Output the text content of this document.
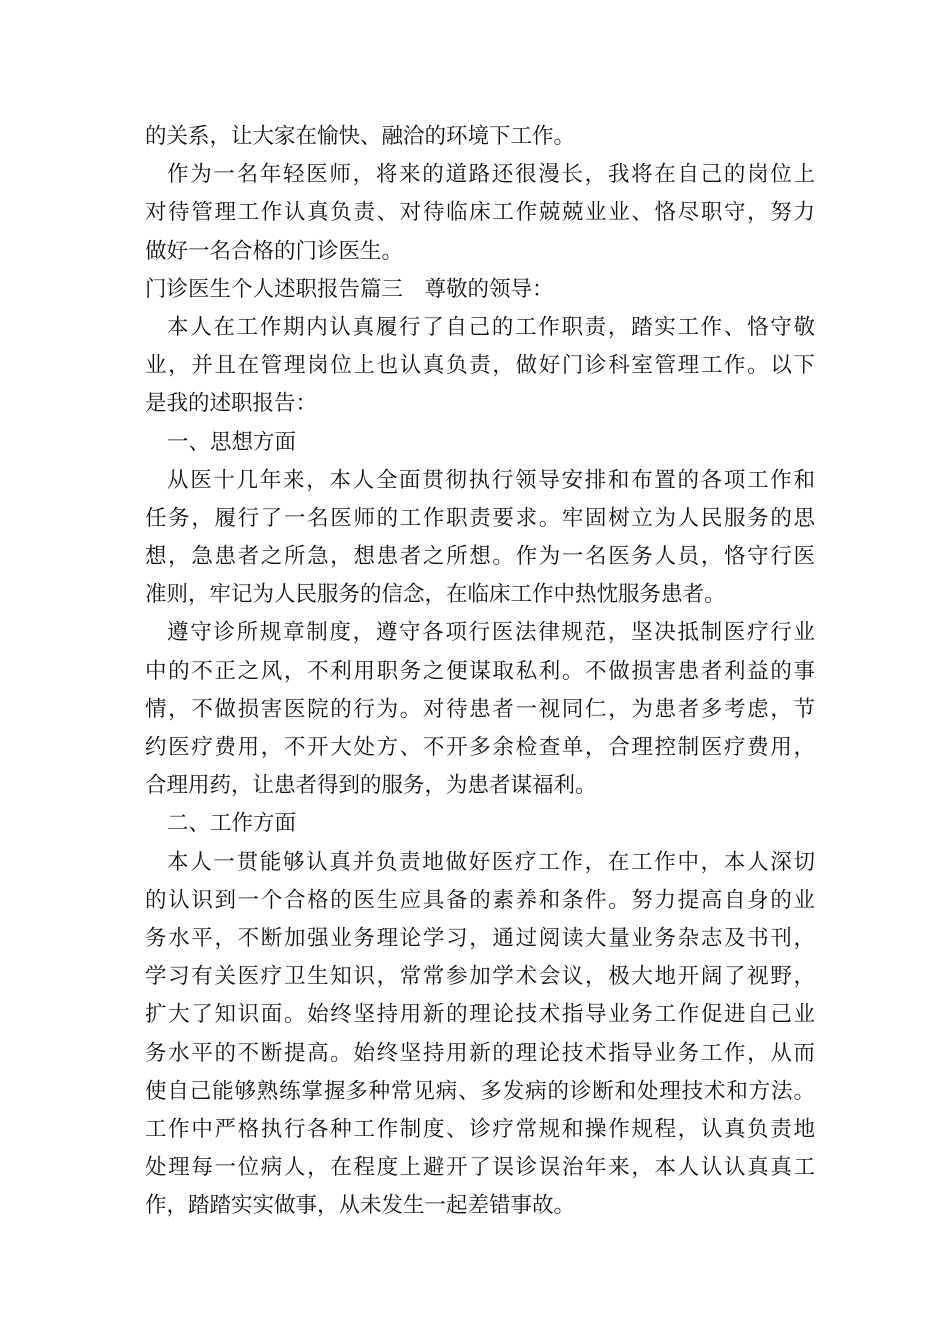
的关系，让大家在愉快、融洽的环境下工作。
作为一名年轻医师，将来的道路还很漫长，我将在自己的岗位上
对待管理工作认真负责、对待临床工作兢兢业业、恪尽职守，努力
做好一名合格的门诊医生。
门诊医生个人述职报告篇三　尊敬的领导：
本人在工作期内认真履行了自己的工作职责，踏实工作、恪守敬
业，并且在管理岗位上也认真负责，做好门诊科室管理工作。以下
是我的述职报告：
一、思想方面
从医十几年来，本人全面贯彻执行领导安排和布置的各项工作和
任务，履行了一名医师的工作职责要求。牢固树立为人民服务的思
想，急患者之所急，想患者之所想。作为一名医务人员，恪守行医
准则，牢记为人民服务的信念，在临床工作中热忱服务患者。
遵守诊所规章制度，遵守各项行医法律规范，坚决抵制医疗行业
中的不正之风，不利用职务之便谋取私利。不做损害患者利益的事
情，不做损害医院的行为。对待患者一视同仁，为患者多考虑，节
约医疗费用，不开大处方、不开多余检查单，合理控制医疗费用，
合理用药，让患者得到的服务，为患者谋福利。
二、工作方面
本人一贯能够认真并负责地做好医疗工作，在工作中，本人深切
的认识到一个合格的医生应具备的素养和条件。努力提高自身的业
务水平，不断加强业务理论学习，通过阅读大量业务杂志及书刊，
学习有关医疗卫生知识，常常参加学术会议，极大地开阔了视野，
扩大了知识面。始终坚持用新的理论技术指导业务工作促进自己业
务水平的不断提高。始终坚持用新的理论技术指导业务工作，从而
使自己能够熟练掌握多种常见病、多发病的诊断和处理技术和方法。
工作中严格执行各种工作制度、诊疗常规和操作规程，认真负责地
处理每一位病人，在程度上避开了误诊误治年来，本人认认真真工
作，踏踏实实做事，从未发生一起差错事故。
